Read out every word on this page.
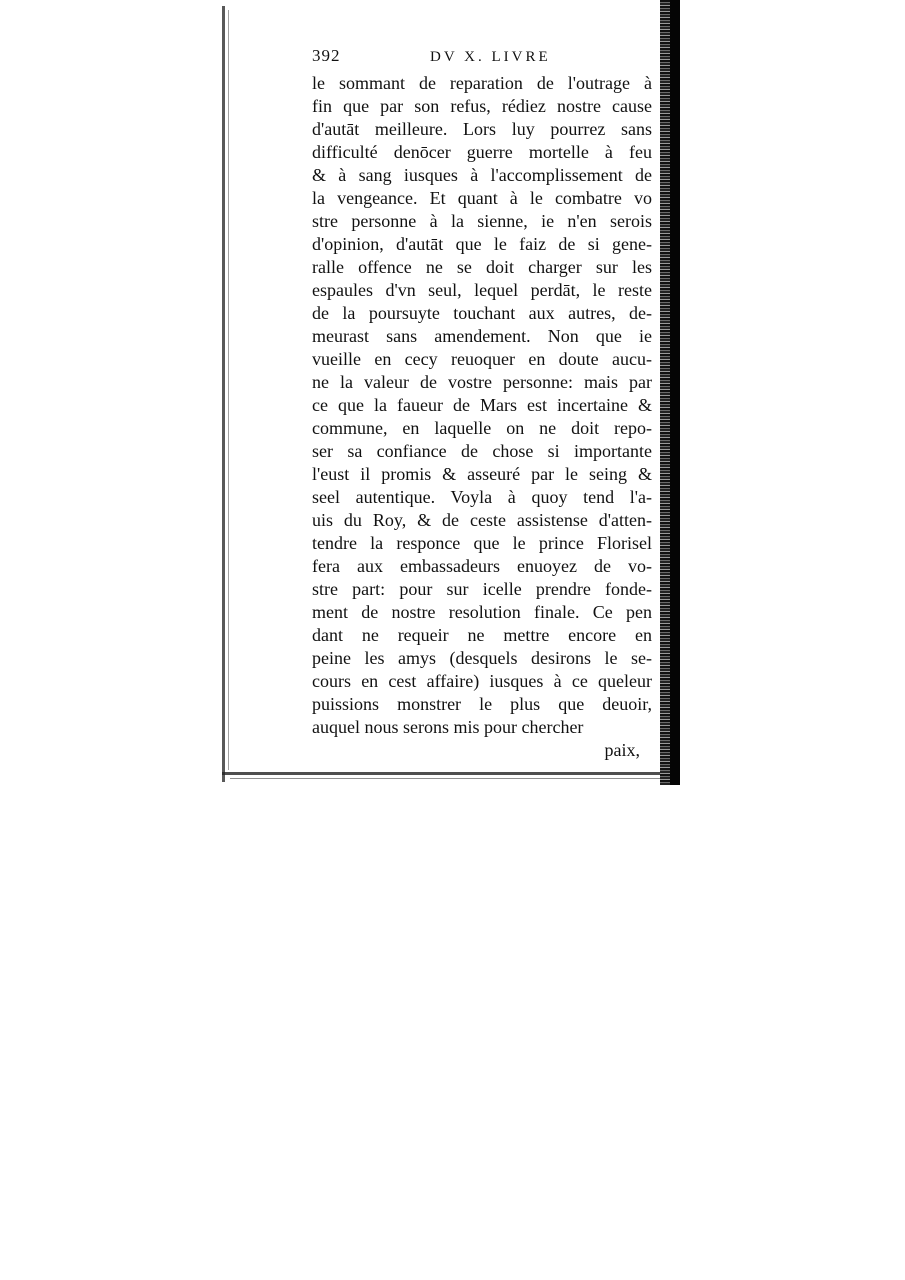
392	DV X. LIVRE
le sommant de reparation de l'outrage à
fin que par son refus, rédiez nostre cause
d'autāt meilleure. Lors luy pourrez sans
difficulté denōcer guerre mortelle à feu
& à sang iusques à l'accomplissement de
la vengeance. Et quant à le combatre vo
stre personne à la sienne, ie n'en serois
d'opinion, d'autāt que le faiz de si gene-
ralle offence ne se doit charger sur les
espaules d'vn seul, lequel perdāt, le reste
de la poursuyte touchant aux autres, de-
meurast sans amendement. Non que ie
vueille en cecy reuoquer en doute aucu-
ne la valeur de vostre personne: mais par
ce que la faueur de Mars est incertaine &
commune, en laquelle on ne doit repo-
ser sa confiance de chose si importante
l'eust il promis & asseuré par le seing &
seel autentique. Voyla à quoy tend l'a-
uis du Roy, & de ceste assistense d'atten-
tendre la responce que le prince Florisel
fera aux embassadeurs enuoyez de vo-
stre part: pour sur icelle prendre fonde-
ment de nostre resolution finale. Ce pen
dant ne requeir ne mettre encore en
peine les amys (desquels desirons le se-
cours en cest affaire) iusques à ce queleur
puissions monstrer le plus que deuoir,
auquel nous serons mis pour chercher
paix,
